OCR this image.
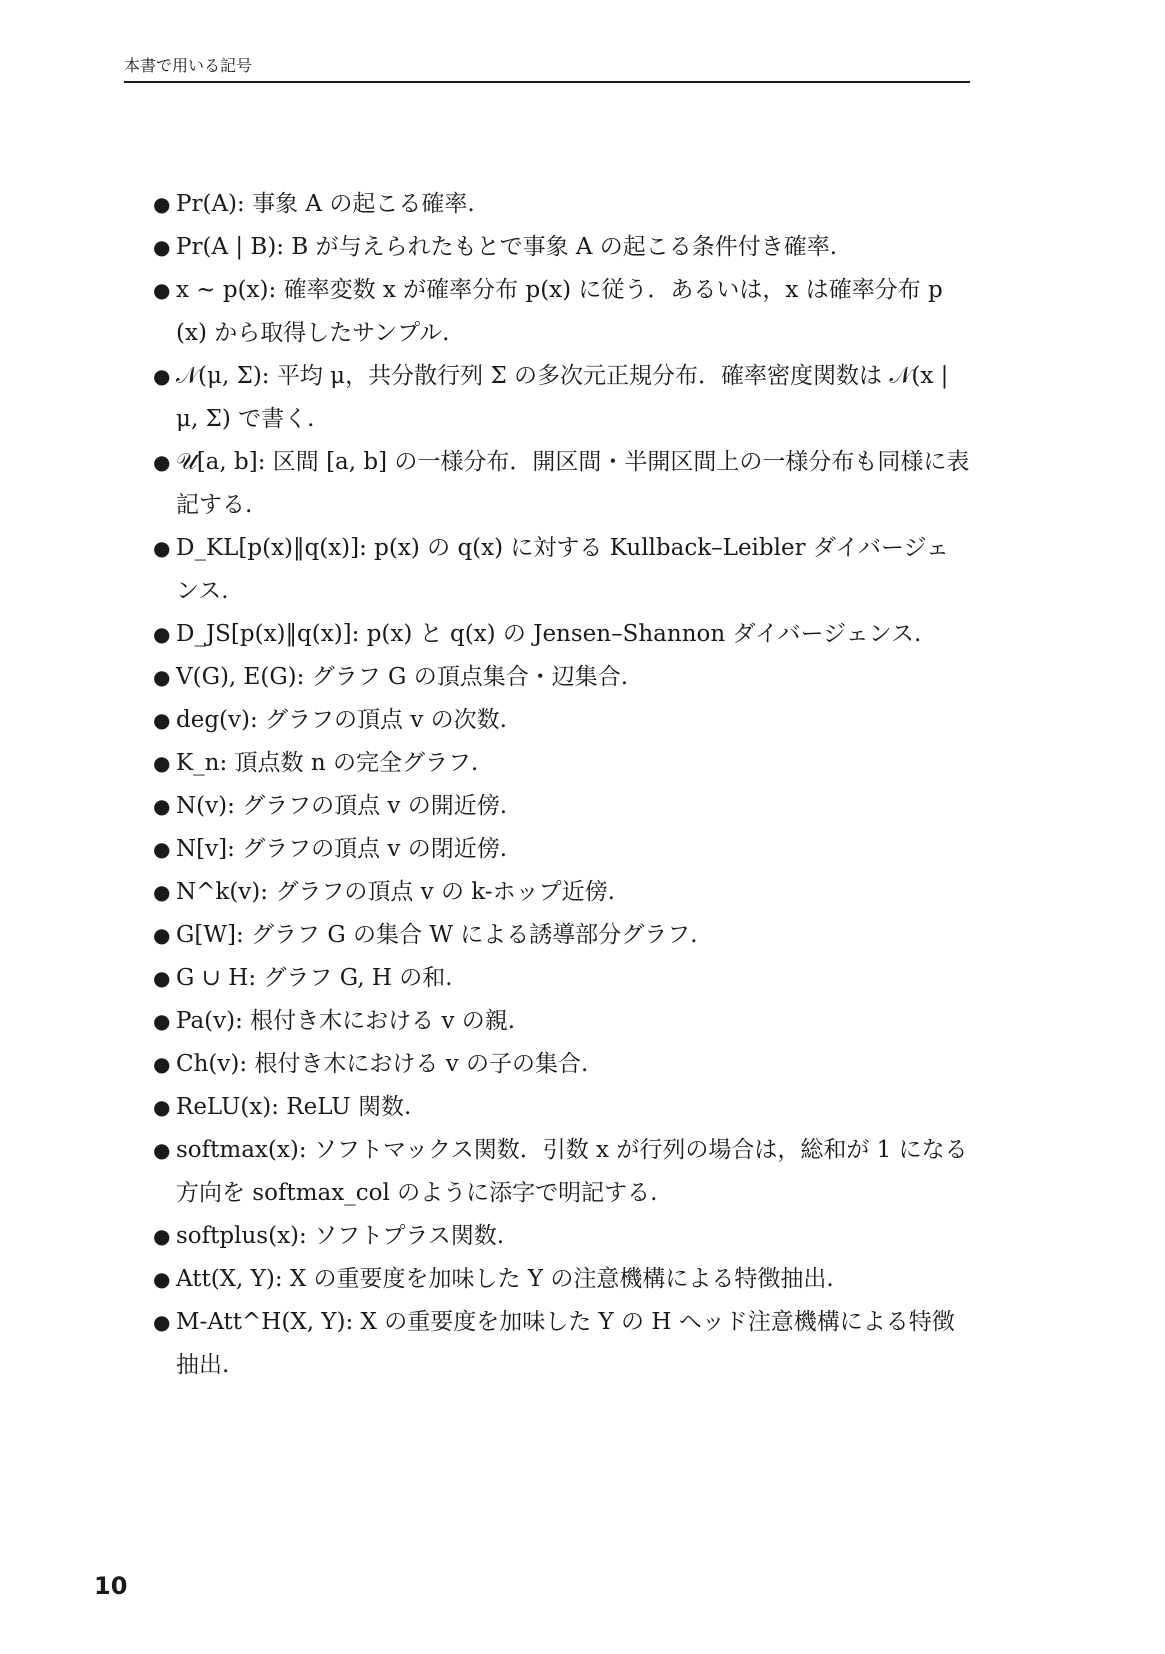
本書で用いる記号
● Pr(A): 事象 A の起こる確率.
● Pr(A | B): B が与えられたもとで事象 A の起こる条件付き確率.
● x ~ p(x): 確率変数 x が確率分布 p(x) に従う．あるいは，x は確率分布 p(x) から取得したサンプル.
● 𝒩(μ, Σ): 平均 μ，共分散行列 Σ の多次元正規分布．確率密度関数は 𝒩(x | μ, Σ) で書く.
● 𝒰[a, b]: 区間 [a, b] の一様分布．開区間・半開区間上の一様分布も同様に表記する.
● D_KL[p(x)‖q(x)]: p(x) の q(x) に対する Kullback–Leibler ダイバージェンス.
● D_JS[p(x)‖q(x)]: p(x) と q(x) の Jensen–Shannon ダイバージェンス.
● V(G), E(G): グラフ G の頂点集合・辺集合.
● deg(v): グラフの頂点 v の次数.
● K_n: 頂点数 n の完全グラフ.
● N(v): グラフの頂点 v の開近傍.
● N[v]: グラフの頂点 v の閉近傍.
● N^k(v): グラフの頂点 v の k-ホップ近傍.
● G[W]: グラフ G の集合 W による誘導部分グラフ.
● G ∪ H: グラフ G, H の和.
● Pa(v): 根付き木における v の親.
● Ch(v): 根付き木における v の子の集合.
● ReLU(x): ReLU 関数.
● softmax(x): ソフトマックス関数．引数 x が行列の場合は，総和が 1 になる方向を softmax_col のように添字で明記する.
● softplus(x): ソフトプラス関数.
● Att(X, Y): X の重要度を加味した Y の注意機構による特徴抽出.
● M-Att^H(X, Y): X の重要度を加味した Y の H ヘッド注意機構による特徴抽出.
10
